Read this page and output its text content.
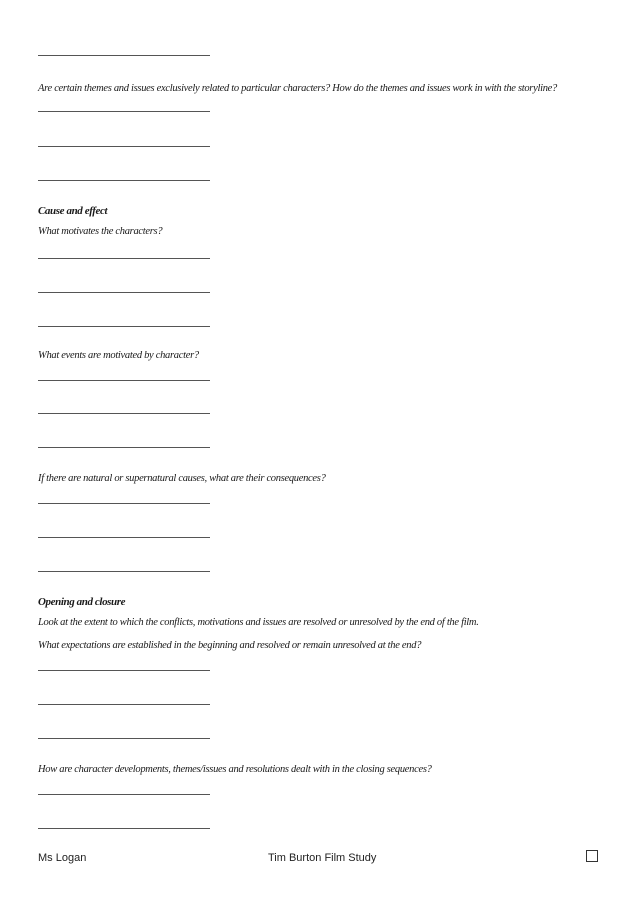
Are certain themes and issues exclusively related to particular characters? How do the themes and issues work in with the storyline?
Cause and effect
What motivates the characters?
What events are motivated by character?
If there are natural or supernatural causes, what are their consequences?
Opening and closure
Look at the extent to which the conflicts, motivations and issues are resolved or unresolved by the end of the film.
What expectations are established in the beginning and resolved or remain unresolved at the end?
How are character developments, themes/issues and resolutions dealt with in the closing sequences?
Ms Logan	Tim Burton Film Study
